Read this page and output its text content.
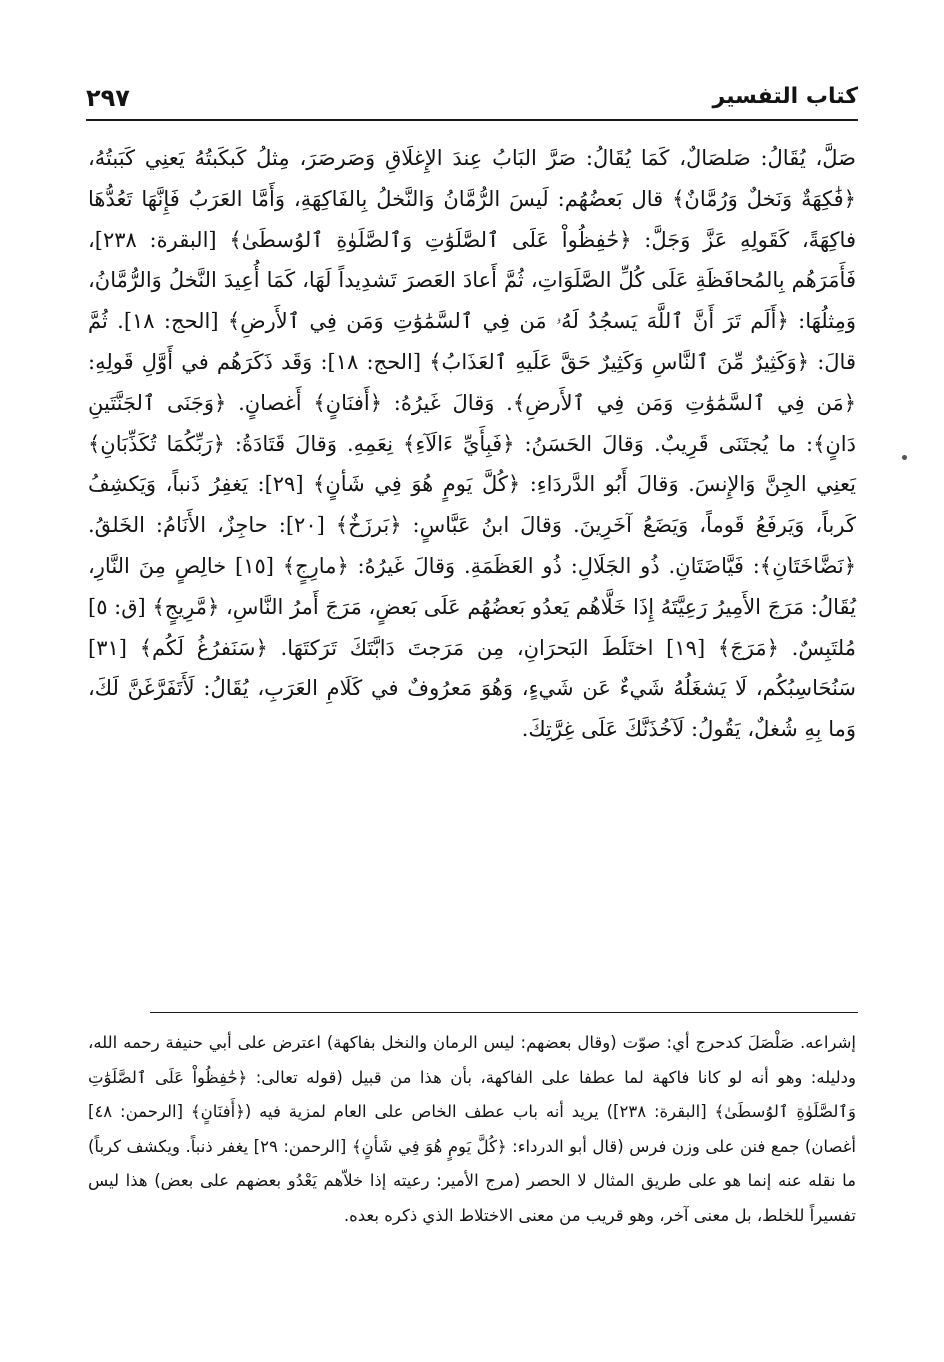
٢٩٧	كتاب التفسير

صَلَّ، يُقَالُ: صَلصَالٌ، كَمَا يُقَالُ: صَرَّ البَابُ عِندَ الإِغلَاقِ وَصَرصَرَ، مِثلُ كَبكَبتُهُ يَعنِي كَبَبتُهُ، ﴿فَٰكِهَةٌ وَنَخلٌ وَرُمَّانٌ﴾ قال بَعضُهُم: لَيسَ الرُّمَّانُ وَالنَّخلُ بِالفَاكِهَةِ، وَأَمَّا العَرَبُ فَإِنَّهَا تَعُدُّهَا فاكِهَةً، كَقَولِهِ عَزَّ وَجَلَّ: ﴿حَٰفِظُواْ عَلَى ٱلصَّلَوَٰتِ وَٱلصَّلَوٰةِ ٱلوُسطَىٰ﴾ [البقرة: ٢٣٨]، فَأَمَرَهُم بِالمُحافَظَةِ عَلَى كُلِّ الصَّلَوَاتِ، ثُمَّ أَعادَ العَصرَ تَشدِيداً لَهَا، كَمَا أُعِيدَ النَّخلُ وَالرُّمَّانُ، وَمِثلُهَا: ﴿أَلَم تَرَ أَنَّ ٱللَّهَ يَسجُدُ لَهُۥ مَن فِي ٱلسَّمَٰوَٰتِ وَمَن فِي ٱلأَرضِ﴾ [الحج: ١٨]. ثُمَّ قالَ: ﴿وَكَثِيرٌ مِّنَ ٱلنَّاسِ وَكَثِيرٌ حَقَّ عَلَيهِ ٱلعَذَابُ﴾ [الحج: ١٨]: وَقَد ذَكَرَهُم في أَوَّلِ قَولِهِ: ﴿مَن فِي ٱلسَّمَٰوَٰتِ وَمَن فِي ٱلأَرضِ﴾. وَقالَ غَيرُهُ: ﴿أَفنَانٍ﴾ أَغصانٍ. ﴿وَجَنَى ٱلجَنَّتَينِ دَانٍ﴾: ما يُجتَنَى قَرِيبٌ. وَقالَ الحَسَنُ: ﴿فَبِأَيِّ ءَالَآءِ﴾ نِعَمِهِ. وَقالَ قَتَادَةُ: ﴿رَبِّكُمَا تُكَذِّبَانِ﴾ يَعنِي الجِنَّ وَالإِنسَ. وَقالَ أَبُو الدَّردَاءِ: ﴿كُلَّ يَومٍ هُوَ فِي شَأنٍ﴾ [٢٩]: يَغفِرُ ذَنباً، وَيَكشِفُ كَرباً، وَيَرفَعُ قَوماً، وَيَضَعُ آخَرِينَ. وَقالَ ابنُ عَبَّاسٍ: ﴿بَرزَخٌ﴾ [٢٠]: حاجِزٌ، الأَنَامُ: الخَلقُ. ﴿نَضَّاخَتَانِ﴾: فَيَّاضَتَانِ. ذُو الجَلَالِ: ذُو العَظَمَةِ. وَقالَ غَيرُهُ: ﴿مارِجٍ﴾ [١٥] خالِصٍ مِنَ النَّارِ، يُقَالُ: مَرَجَ الأَمِيرُ رَعِيَّتَهُ إِذَا خَلَّاهُم يَعدُو بَعضُهُم عَلَى بَعضٍ، مَرَجَ أَمرُ النَّاسِ، ﴿مَّرِيجٍ﴾ [ق: ٥] مُلتَبِسٌ. ﴿مَرَجَ﴾ [١٩] اختَلَطَ البَحرَانِ، مِن مَرَجتَ دَابَّتَكَ تَرَكتَهَا. ﴿سَنَفرُغُ لَكُم﴾ [٣١] سَنُحَاسِبُكُم، لَا يَشغَلُهُ شَيءٌ عَن شَيءٍ، وَهُوَ مَعرُوفٌ في كَلَامِ العَرَبِ، يُقَالُ: لَأَتَفَرَّغَنَّ لَكَ، وَما بِهِ شُغلٌ، يَقُولُ: لَآخُذَنَّكَ عَلَى غِرَّتِكَ.

إشراعه. صَلْصَلَ كدحرج أي: صوّت (وقال بعضهم: ليس الرمان والنخل بفاكهة) اعترض على أبي حنيفة رحمه الله، ودليله: وهو أنه لو كانا فاكهة لما عطفا على الفاكهة، بأن هذا من قبيل (قوله تعالى: ﴿حَٰفِظُواْ عَلَى ٱلصَّلَوَٰتِ وَٱلصَّلَوٰةِ ٱلوُسطَىٰ﴾ [البقرة: ٢٣٨]) يريد أنه باب عطف الخاص على العام لمزية فيه (﴿أَفنَانٍ﴾ [الرحمن: ٤٨] أغصان) جمع فنن على وزن فرس (قال أبو الدرداء: ﴿كُلَّ يَومٍ هُوَ فِي شَأنٍ﴾ [الرحمن: ٢٩] يغفر ذنباً. ويكشف كرباً) ما نقله عنه إنما هو على طريق المثال لا الحصر (مرج الأمير: رعيته إذا خلاّهم يَعْدُو بعضهم على بعض) هذا ليس تفسيراً للخلط، بل معنى آخر، وهو قريب من معنى الاختلاط الذي ذكره بعده.
